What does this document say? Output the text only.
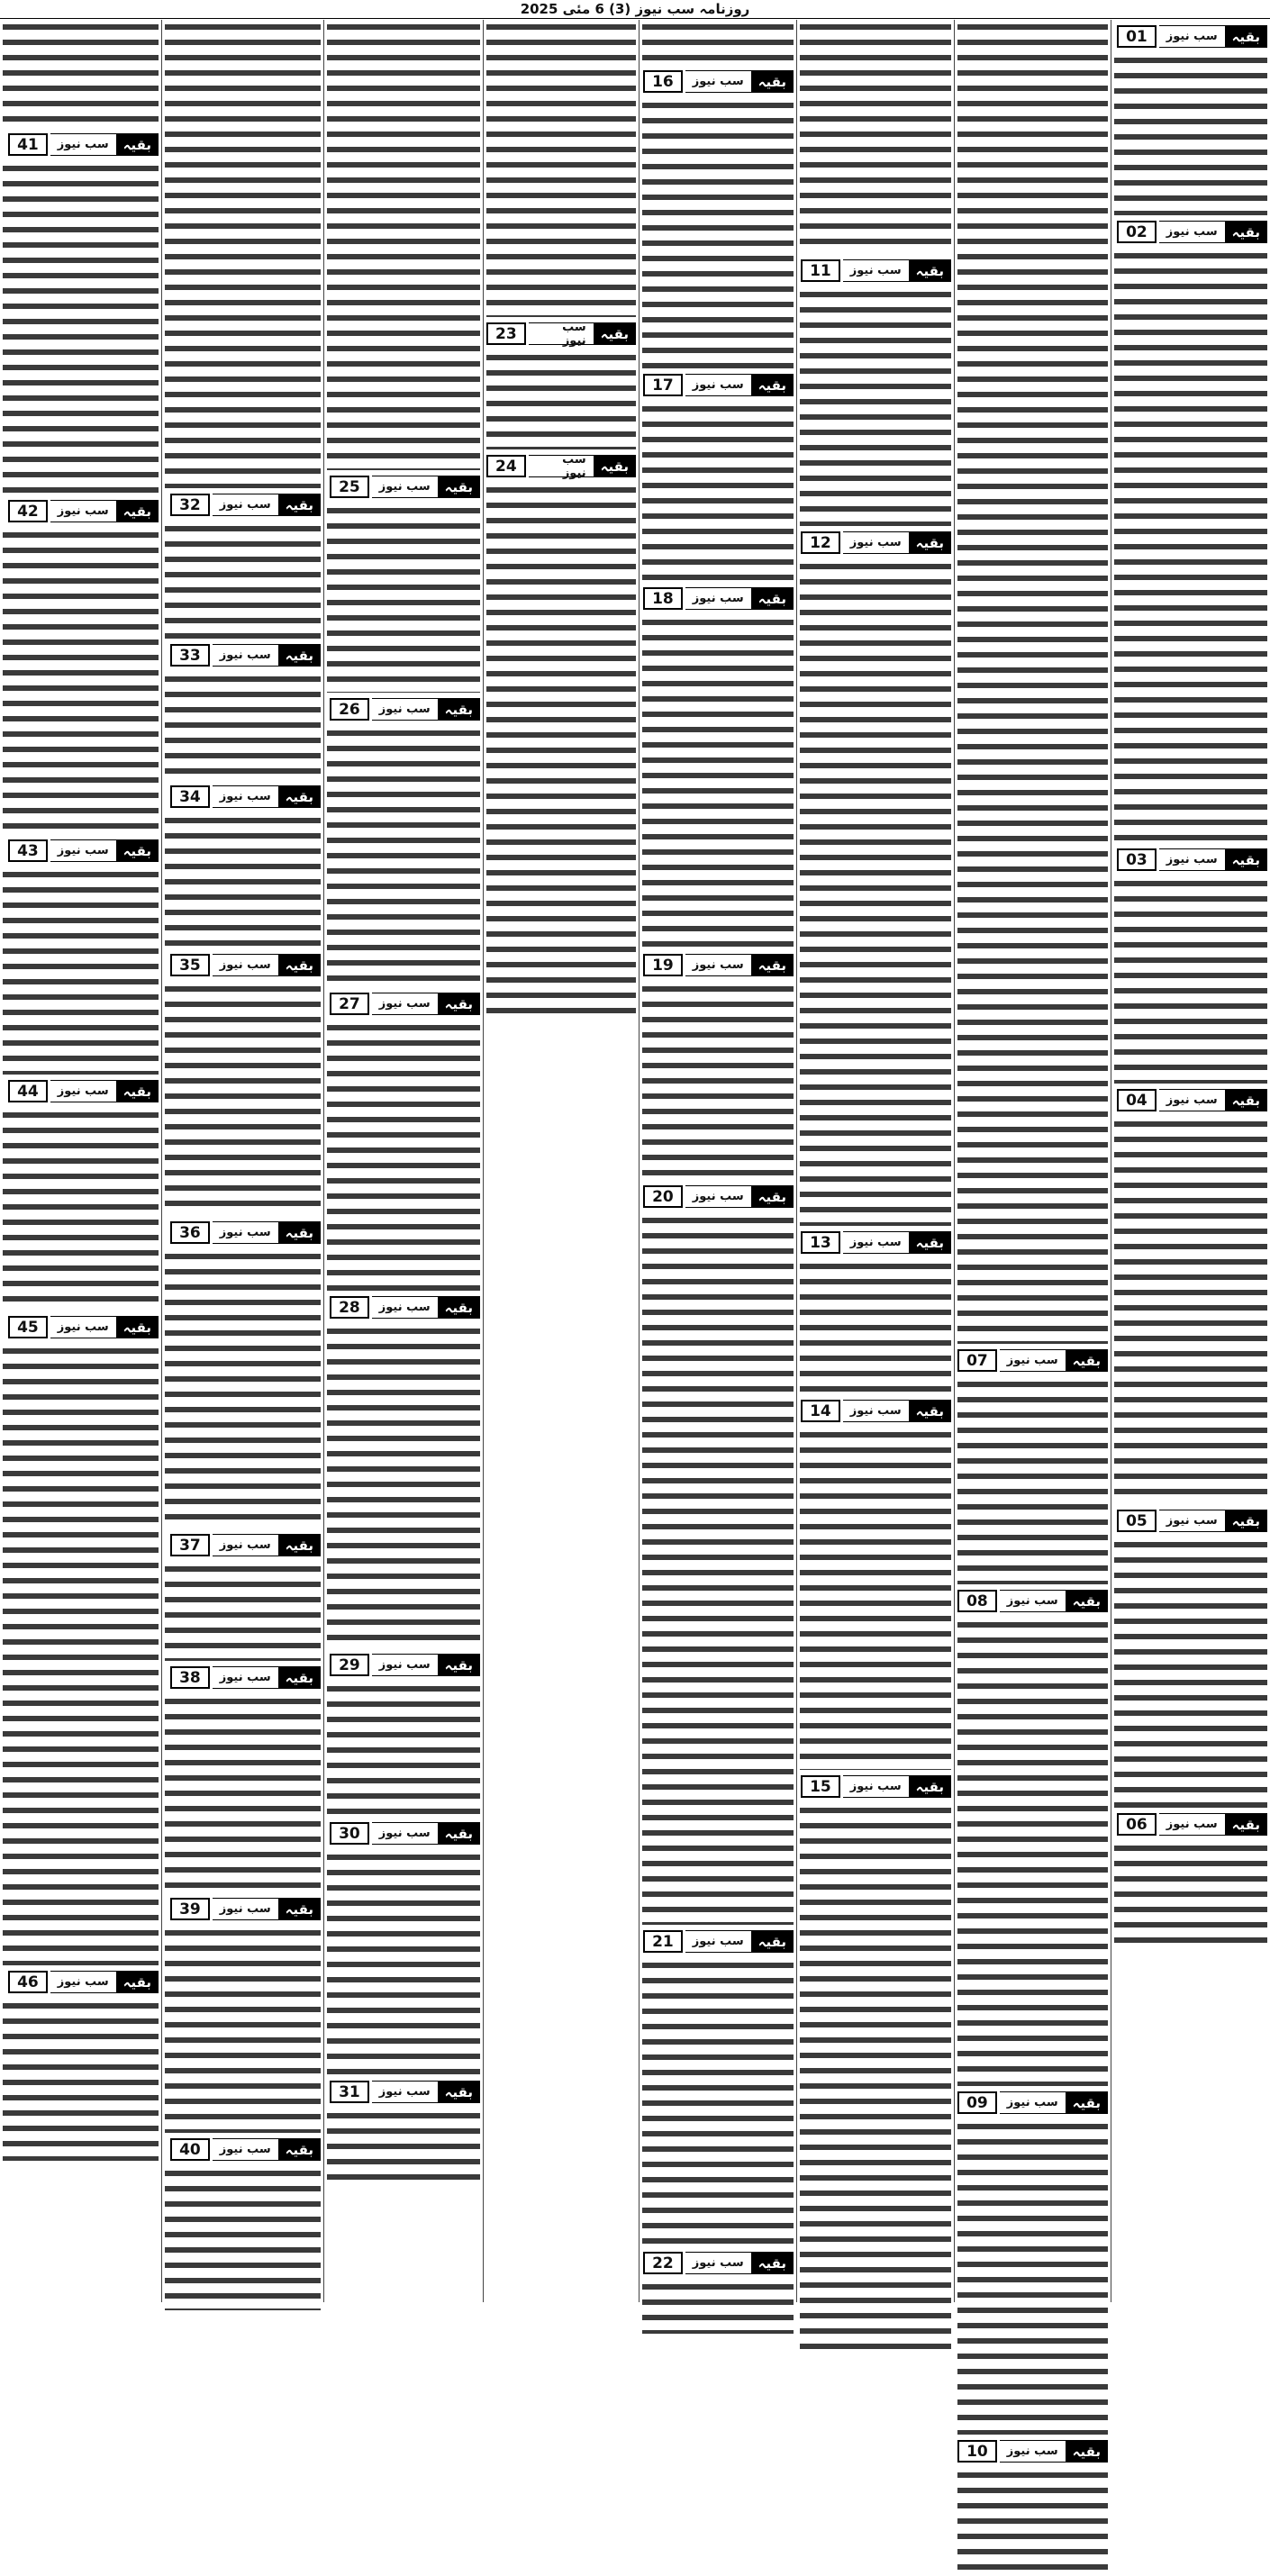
روزنامہ سب نیوز (3) 6 مئی 2025
بقیہ
سب نیوز
01
بقیہ
سب نیوز
02
بقیہ
سب نیوز
03
بقیہ
سب نیوز
04
بقیہ
سب نیوز
05
بقیہ
سب نیوز
06
بقیہ
سب نیوز
07
بقیہ
سب نیوز
08
بقیہ
سب نیوز
09
بقیہ
سب نیوز
10
بقیہ
سب نیوز
11
بقیہ
سب نیوز
12
بقیہ
سب نیوز
13
بقیہ
سب نیوز
14
بقیہ
سب نیوز
15
بقیہ
سب نیوز
16
بقیہ
سب نیوز
17
بقیہ
سب نیوز
18
بقیہ
سب نیوز
19
بقیہ
سب نیوز
20
بقیہ
سب نیوز
21
بقیہ
سب نیوز
22
بقیہ
سب نیوز
23
بقیہ
سب نیوز
24
بقیہ
سب نیوز
25
بقیہ
سب نیوز
26
بقیہ
سب نیوز
27
بقیہ
سب نیوز
28
بقیہ
سب نیوز
29
بقیہ
سب نیوز
30
بقیہ
سب نیوز
31
بقیہ
سب نیوز
32
بقیہ
سب نیوز
33
بقیہ
سب نیوز
34
بقیہ
سب نیوز
35
بقیہ
سب نیوز
36
بقیہ
سب نیوز
37
بقیہ
سب نیوز
38
بقیہ
سب نیوز
39
بقیہ
سب نیوز
40
بقیہ
سب نیوز
41
بقیہ
سب نیوز
42
بقیہ
سب نیوز
43
بقیہ
سب نیوز
44
بقیہ
سب نیوز
45
بقیہ
سب نیوز
46
